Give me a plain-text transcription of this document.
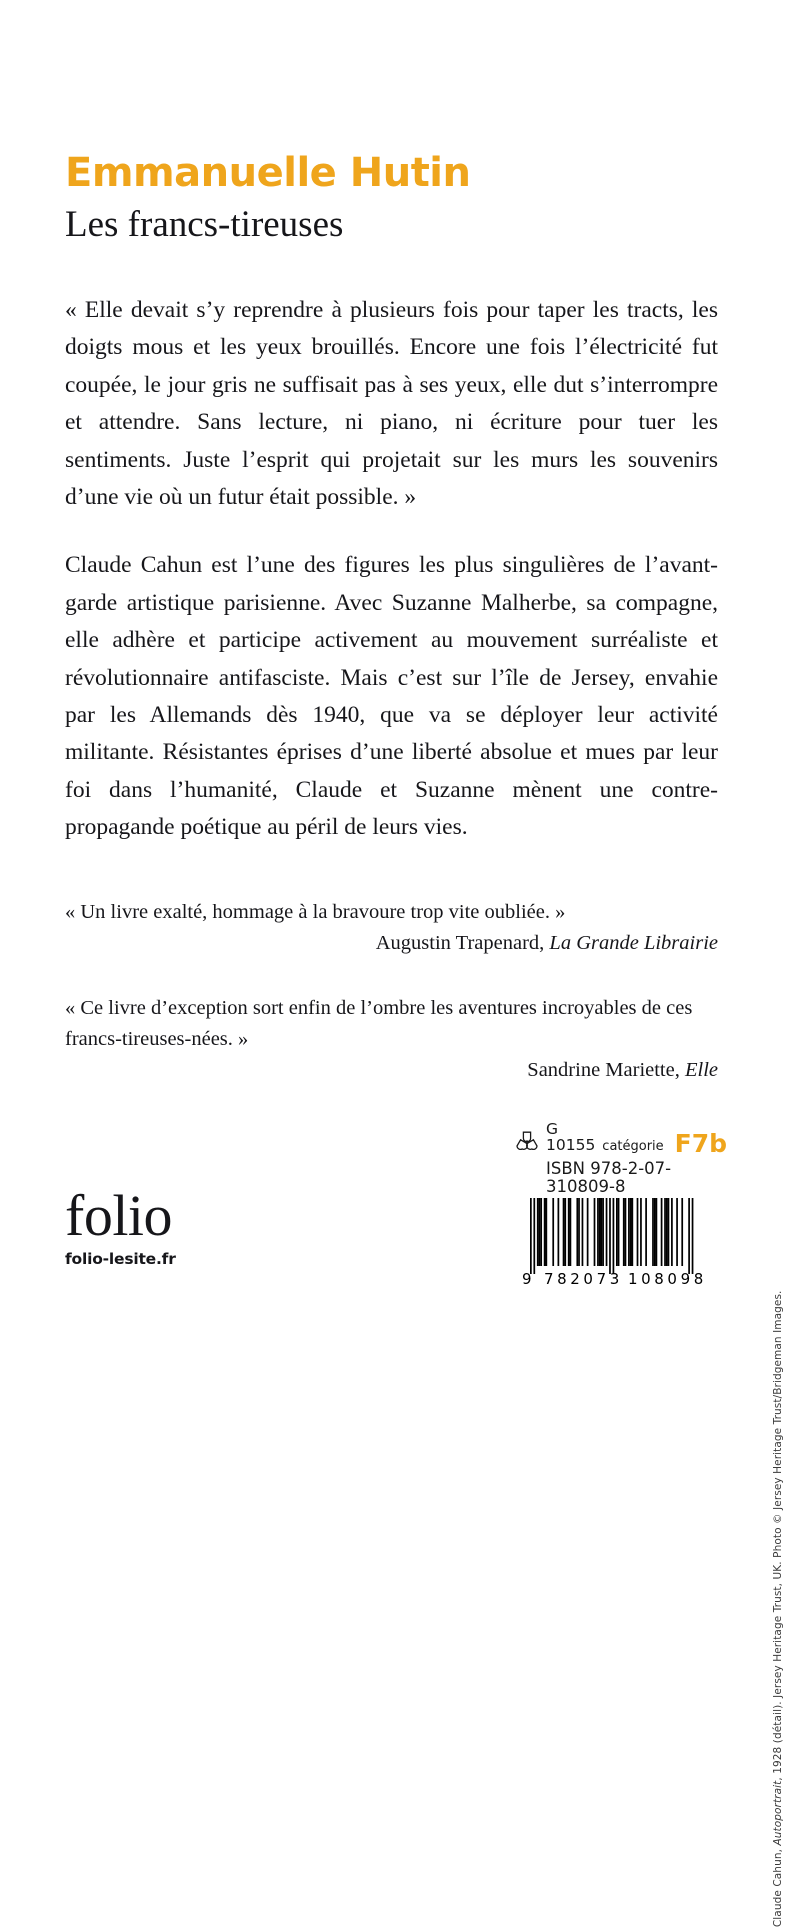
Emmanuelle Hutin
Les francs-tireuses

« Elle devait s’y reprendre à plusieurs fois pour taper les tracts, les doigts mous et les yeux brouillés. Encore une fois l’électricité fut coupée, le jour gris ne suffisait pas à ses yeux, elle dut s’interrompre et attendre. Sans lecture, ni piano, ni écriture pour tuer les sentiments. Juste l’esprit qui projetait sur les murs les souvenirs d’une vie où un futur était possible. »

Claude Cahun est l’une des figures les plus singulières de l’avant-garde artistique parisienne. Avec Suzanne Malherbe, sa compagne, elle adhère et participe activement au mouvement surréaliste et révolutionnaire antifasciste. Mais c’est sur l’île de Jersey, envahie par les Allemands dès 1940, que va se déployer leur activité militante. Résistantes éprises d’une liberté absolue et mues par leur foi dans l’humanité, Claude et Suzanne mènent une contre-propagande poétique au péril de leurs vies.

« Un livre exalté, hommage à la bravoure trop vite oubliée. »

Augustin Trapenard, La Grande Librairie

« Ce livre d’exception sort enfin de l’ombre les aventures incroyables de ces francs-tireuses-nées. »

Sandrine Mariette, Elle

Claude Cahun, Autoportrait, 1928 (détail). Jersey Heritage Trust, UK. Photo © Jersey Heritage Trust/Bridgeman Images.
G 10155 catégorie F7b
ISBN 978-2-07-310809-8
9 782073 108098
folio
folio-lesite.fr
